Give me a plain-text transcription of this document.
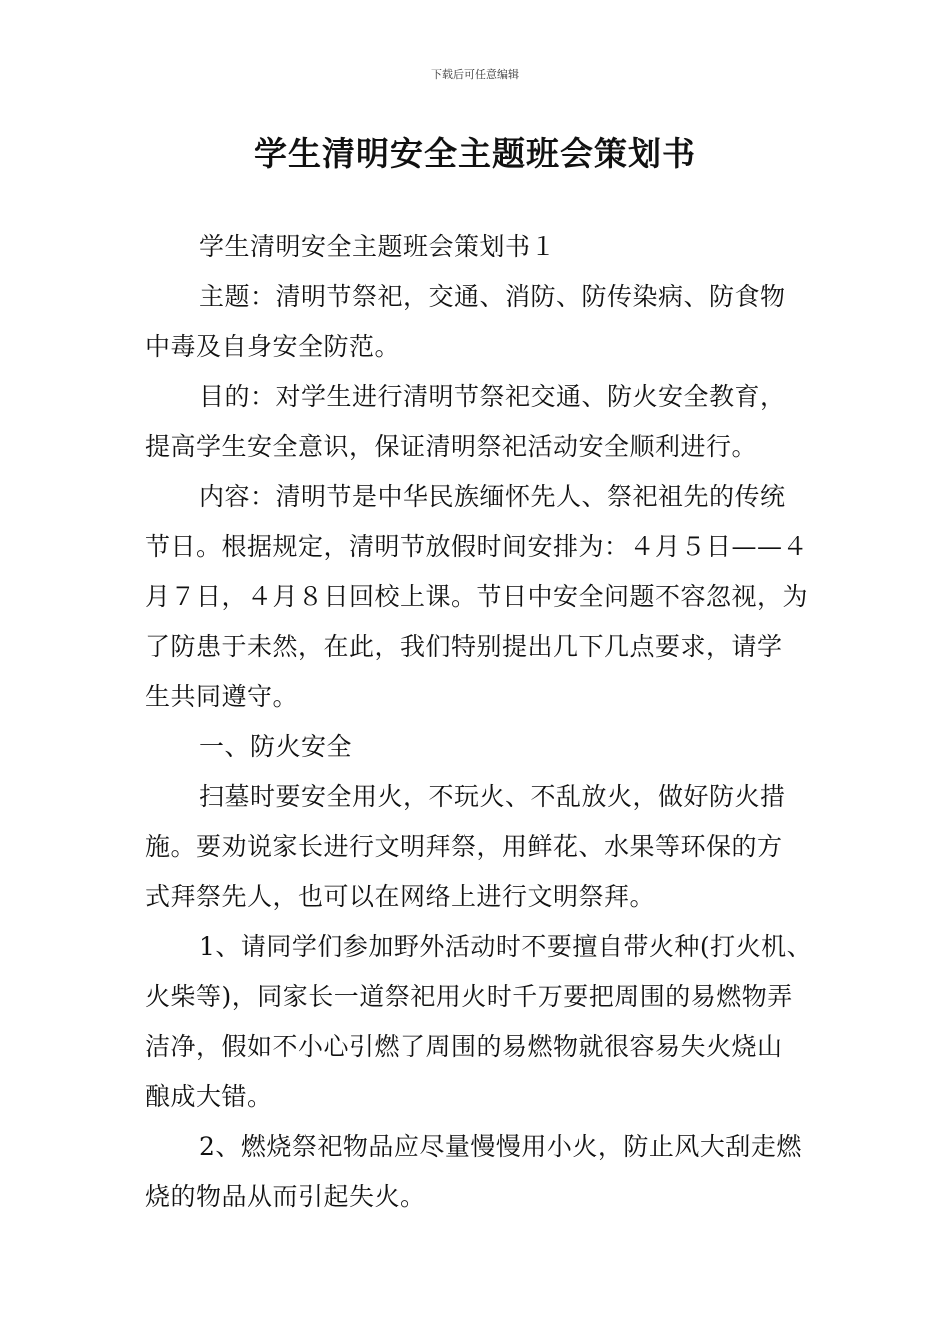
下载后可任意编辑
学生清明安全主题班会策划书

学生清明安全主题班会策划书１

主题：清明节祭祀，交通、消防、防传染病、防食物

中毒及自身安全防范。

目的：对学生进行清明节祭祀交通、防火安全教育，

提高学生安全意识，保证清明祭祀活动安全顺利进行。

内容：清明节是中华民族缅怀先人、祭祀祖先的传统

节日。根据规定，清明节放假时间安排为：４月５日——４

月７日，４月８日回校上课。节日中安全问题不容忽视，为

了防患于未然，在此，我们特别提出几下几点要求，请学

生共同遵守。

一、防火安全

扫墓时要安全用火，不玩火、不乱放火，做好防火措

施。要劝说家长进行文明拜祭，用鲜花、水果等环保的方

式拜祭先人，也可以在网络上进行文明祭拜。

1、请同学们参加野外活动时不要擅自带火种(打火机、

火柴等)，同家长一道祭祀用火时千万要把周围的易燃物弄

洁净，假如不小心引燃了周围的易燃物就很容易失火烧山

酿成大错。

2、燃烧祭祀物品应尽量慢慢用小火，防止风大刮走燃

烧的物品从而引起失火。
